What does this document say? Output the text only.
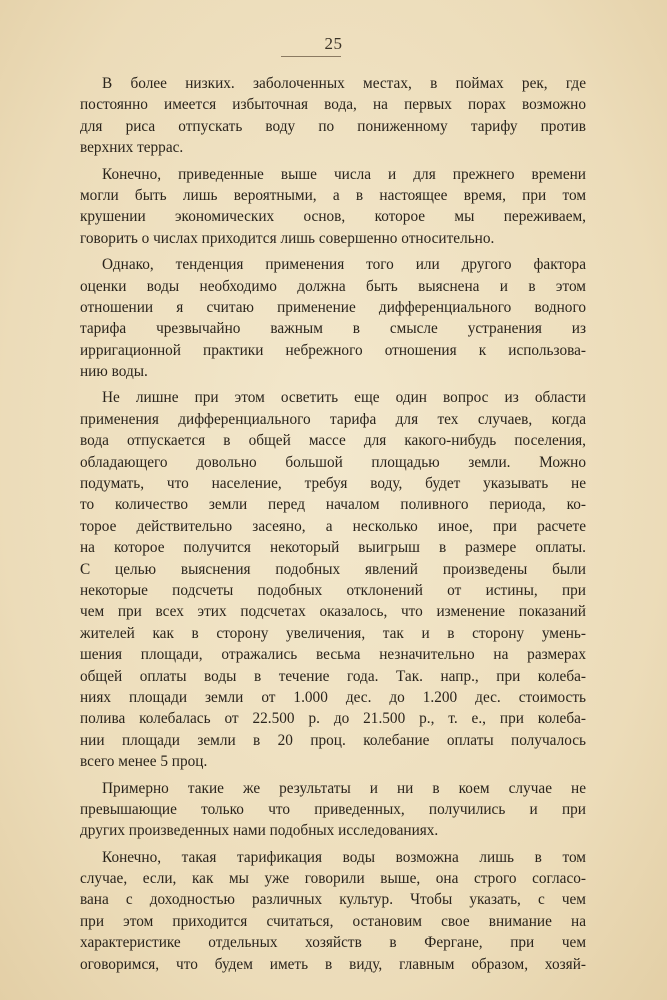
25
В более низких. заболоченных местах, в поймах рек, где
постоянно имеется избыточная вода, на первых порах возможно
для риса отпускать воду по пониженному тарифу против
верхних террас.
Конечно, приведенные выше числа и для прежнего времени
могли быть лишь вероятными, а в настоящее время, при том
крушении экономических основ, которое мы переживаем,
говорить о числах приходится лишь совершенно относительно.
Однако, тенденция применения того или другого фактора
оценки воды необходимо должна быть выяснена и в этом
отношении я считаю применение дифференциального водного
тарифа чрезвычайно важным в смысле устранения из
ирригационной практики небрежного отношения к использова-
нию воды.
Не лишне при этом осветить еще один вопрос из области
применения дифференциального тарифа для тех случаев, когда
вода отпускается в общей массе для какого-нибудь поселения,
обладающего довольно большой площадью земли. Можно
подумать, что население, требуя воду, будет указывать не
то количество земли перед началом поливного периода, ко-
торое действительно засеяно, а несколько иное, при расчете
на которое получится некоторый выигрыш в размере оплаты.
С целью выяснения подобных явлений произведены были
некоторые подсчеты подобных отклонений от истины, при
чем при всех этих подсчетах оказалось, что изменение показаний
жителей как в сторону увеличения, так и в сторону умень-
шения площади, отражались весьма незначительно на размерах
общей оплаты воды в течение года. Так. напр., при колеба-
ниях площади земли от 1.000 дес. до 1.200 дес. стоимость
полива колебалась от 22.500 р. до 21.500 р., т. е., при колеба-
нии площади земли в 20 проц. колебание оплаты получалось
всего менее 5 проц.
Примерно такие же результаты и ни в коем случае не
превышающие только что приведенных, получились и при
других произведенных нами подобных исследованиях.
Конечно, такая тарификация воды возможна лишь в том
случае, если, как мы уже говорили выше, она строго согласо-
вана с доходностью различных культур. Чтобы указать, с чем
при этом приходится считаться, остановим свое внимание на
характеристике отдельных хозяйств в Фергане, при чем
оговоримся, что будем иметь в виду, главным образом, хозяй-
